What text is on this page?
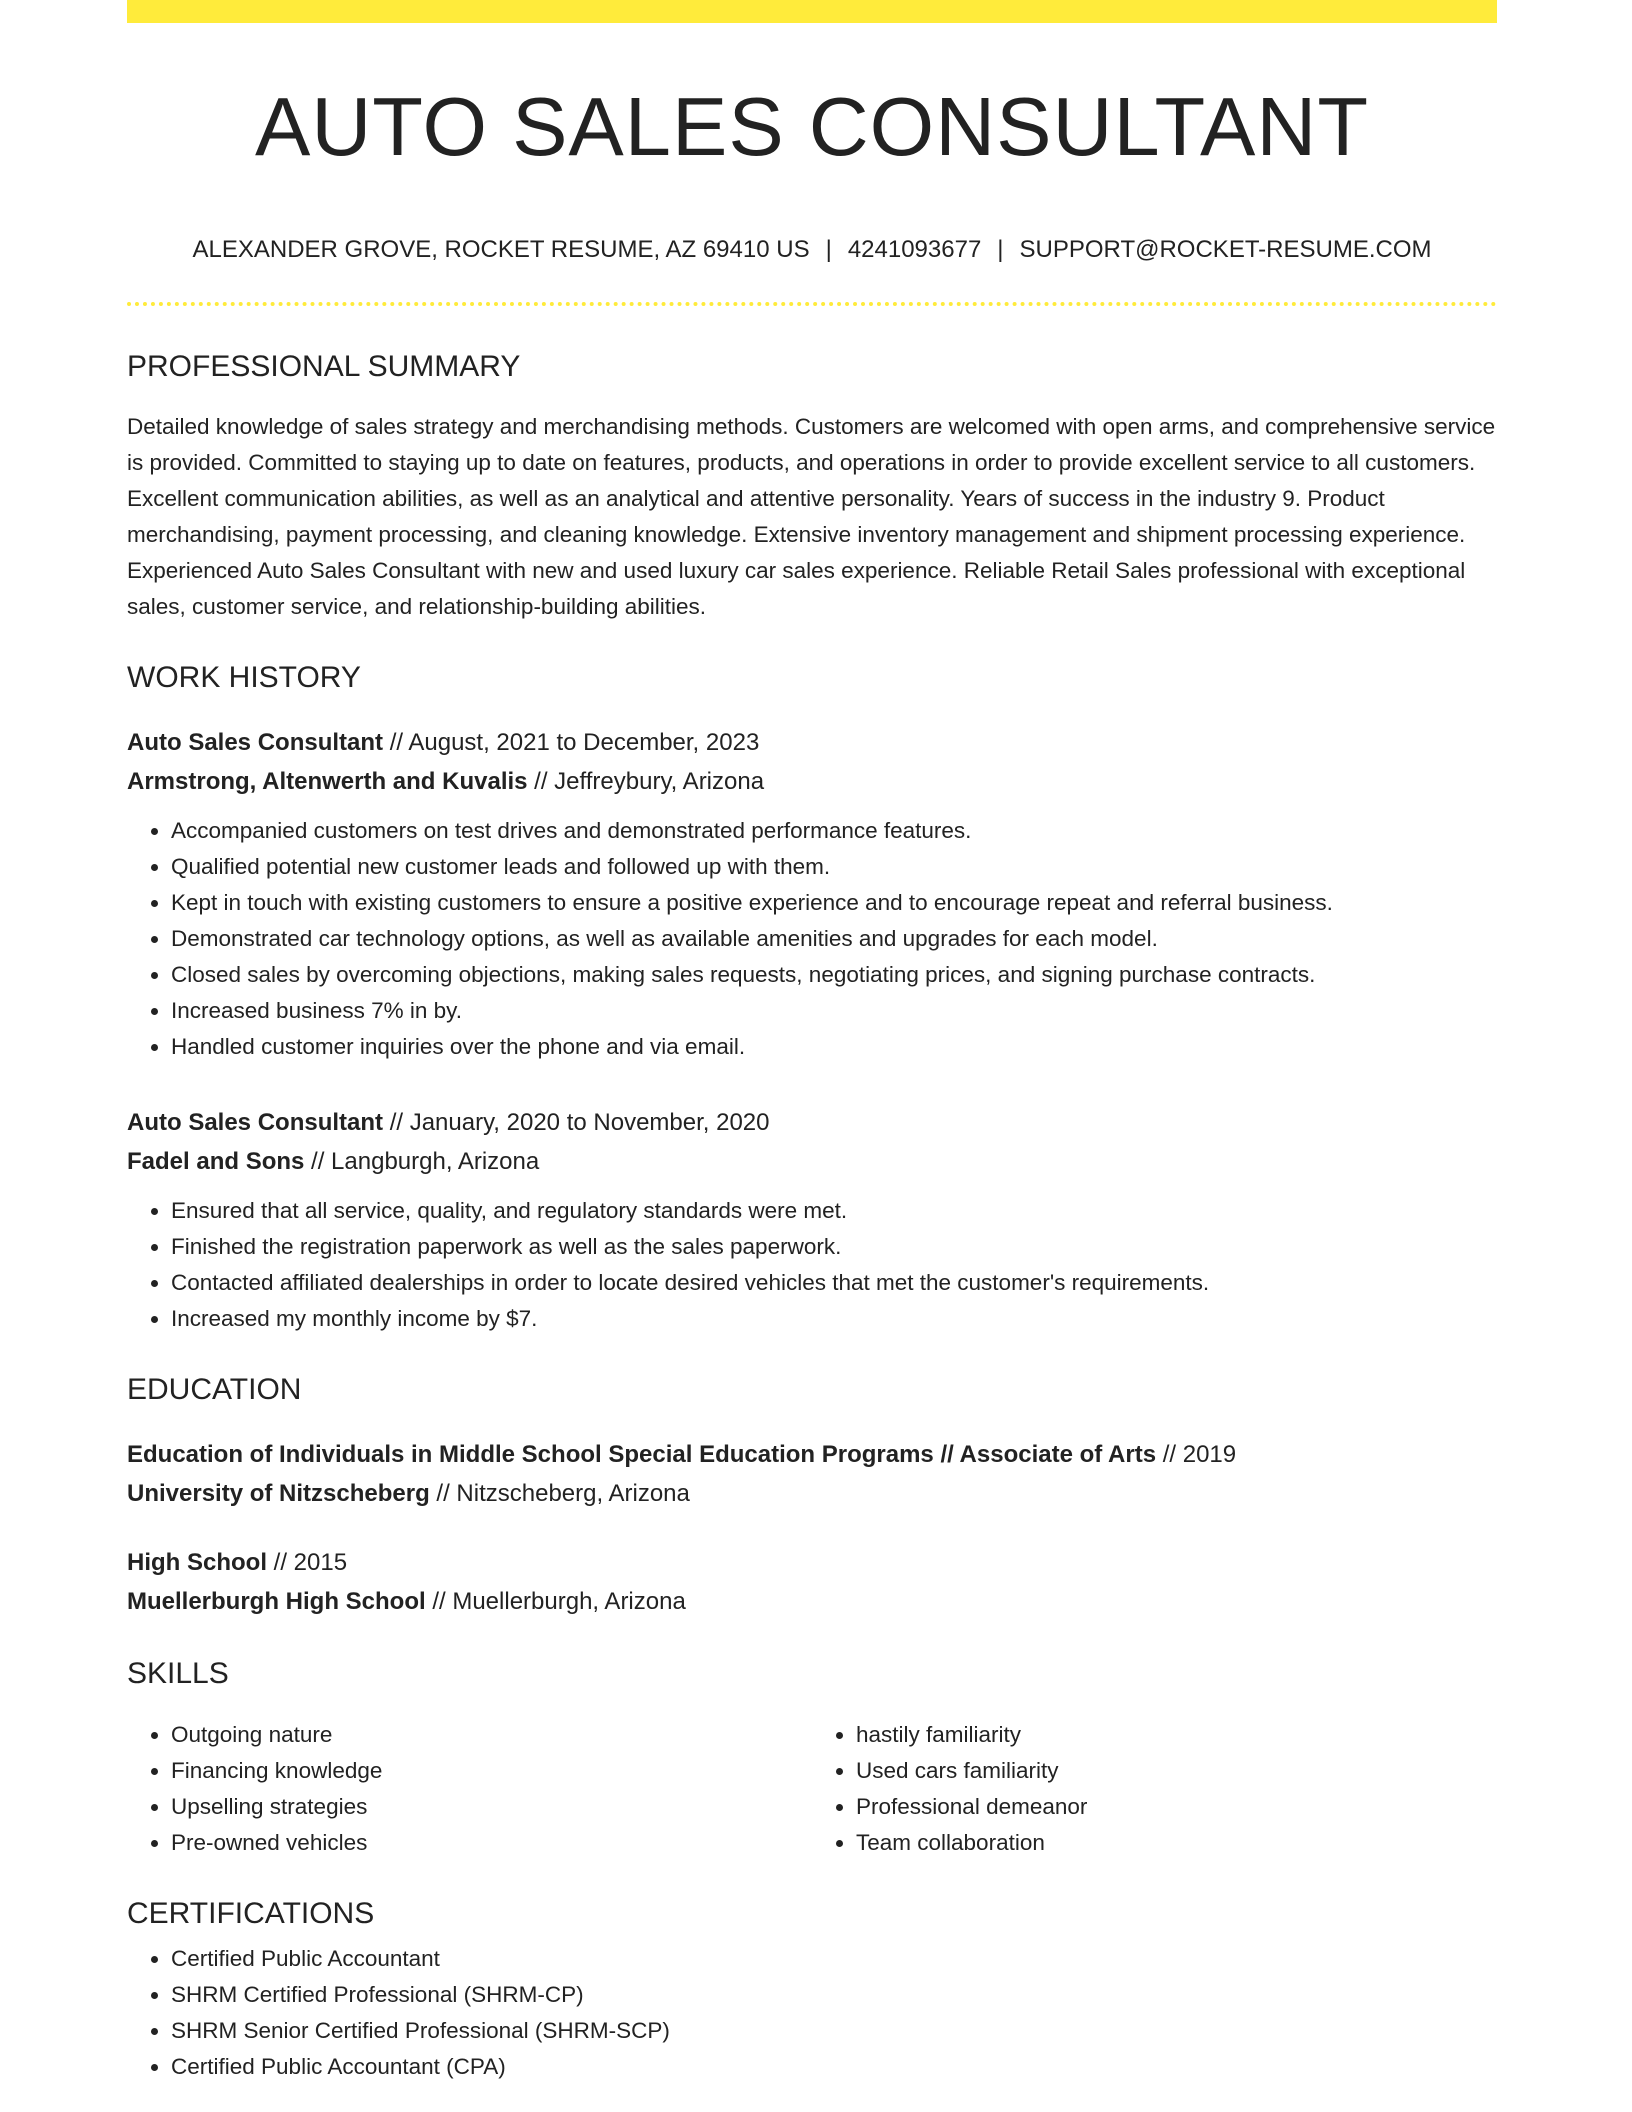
AUTO SALES CONSULTANT
ALEXANDER GROVE, ROCKET RESUME, AZ 69410 US | 4241093677 | SUPPORT@ROCKET-RESUME.COM
PROFESSIONAL SUMMARY
Detailed knowledge of sales strategy and merchandising methods. Customers are welcomed with open arms, and comprehensive service is provided. Committed to staying up to date on features, products, and operations in order to provide excellent service to all customers. Excellent communication abilities, as well as an analytical and attentive personality. Years of success in the industry 9. Product merchandising, payment processing, and cleaning knowledge. Extensive inventory management and shipment processing experience. Experienced Auto Sales Consultant with new and used luxury car sales experience. Reliable Retail Sales professional with exceptional sales, customer service, and relationship-building abilities.
WORK HISTORY
Auto Sales Consultant // August, 2021 to December, 2023
Armstrong, Altenwerth and Kuvalis // Jeffreybury, Arizona
• Accompanied customers on test drives and demonstrated performance features.
• Qualified potential new customer leads and followed up with them.
• Kept in touch with existing customers to ensure a positive experience and to encourage repeat and referral business.
• Demonstrated car technology options, as well as available amenities and upgrades for each model.
• Closed sales by overcoming objections, making sales requests, negotiating prices, and signing purchase contracts.
• Increased business 7% in by.
• Handled customer inquiries over the phone and via email.
Auto Sales Consultant // January, 2020 to November, 2020
Fadel and Sons // Langburgh, Arizona
• Ensured that all service, quality, and regulatory standards were met.
• Finished the registration paperwork as well as the sales paperwork.
• Contacted affiliated dealerships in order to locate desired vehicles that met the customer's requirements.
• Increased my monthly income by $7.
EDUCATION
Education of Individuals in Middle School Special Education Programs // Associate of Arts // 2019
University of Nitzscheberg // Nitzscheberg, Arizona
High School // 2015
Muellerburgh High School // Muellerburgh, Arizona
SKILLS
• Outgoing nature
• Financing knowledge
• Upselling strategies
• Pre-owned vehicles
• hastily familiarity
• Used cars familiarity
• Professional demeanor
• Team collaboration
CERTIFICATIONS
• Certified Public Accountant
• SHRM Certified Professional (SHRM-CP)
• SHRM Senior Certified Professional (SHRM-SCP)
• Certified Public Accountant (CPA)
